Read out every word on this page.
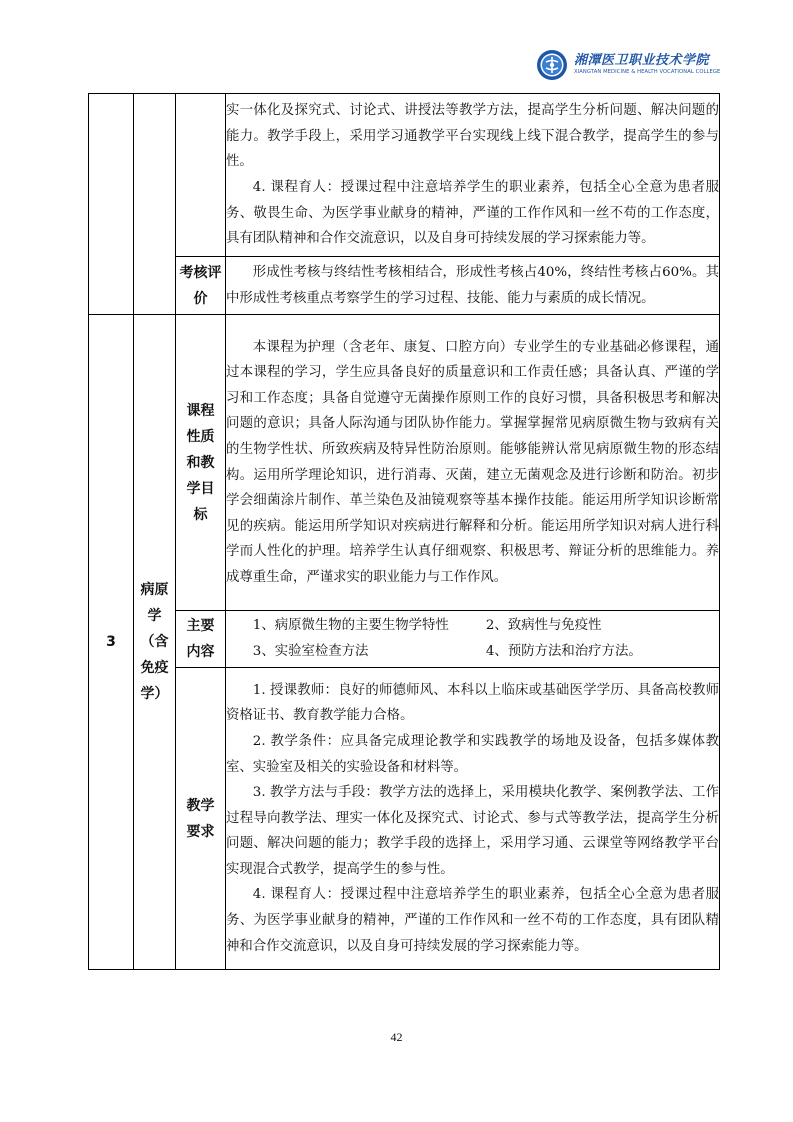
湘潭医卫职业技术学院
XIANGTAN MEDICINE & HEALTH VOCATIONAL COLLEGE

			实一体化及探究式、讨论式、讲授法等教学方法，提高学生分析问题、解决问题的能力。教学手段上，采用学习通教学平台实现线上线下混合教学，提高学生的参与性。

4. 课程育人：授课过程中注意培养学生的职业素养，包括全心全意为患者服务、敬畏生命、为医学事业献身的精神，严谨的工作作风和一丝不苟的工作态度，具有团队精神和合作交流意识，以及自身可持续发展的学习探索能力等。

		考核评价	形成性考核与终结性考核相结合，形成性考核占40%，终结性考核占60%。其中形成性考核重点考察学生的学习过程、技能、能力与素质的成长情况。

3	病原学（含免疫学）	课程性质和教学目标	本课程为护理（含老年、康复、口腔方向）专业学生的专业基础必修课程，通过本课程的学习，学生应具备良好的质量意识和工作责任感；具备认真、严谨的学习和工作态度；具备自觉遵守无菌操作原则工作的良好习惯，具备积极思考和解决问题的意识；具备人际沟通与团队协作能力。掌握掌握常见病原微生物与致病有关的生物学性状、所致疾病及特异性防治原则。能够能辨认常见病原微生物的形态结构。运用所学理论知识，进行消毒、灭菌，建立无菌观念及进行诊断和防治。初步学会细菌涂片制作、革兰染色及油镜观察等基本操作技能。能运用所学知识诊断常见的疾病。能运用所学知识对疾病进行解释和分析。能运用所学知识对病人进行科学而人性化的护理。培养学生认真仔细观察、积极思考、辩证分析的思维能力。养成尊重生命，严谨求实的职业能力与工作作风。

		主要内容	1、病原微生物的主要生物学特性 2、致病性与免疫性
3、实验室检查方法 4、预防方法和治疗方法。

		教学要求	1. 授课教师：良好的师德师风、本科以上临床或基础医学学历、具备高校教师资格证书、教育教学能力合格。

2. 教学条件：应具备完成理论教学和实践教学的场地及设备，包括多媒体教室、实验室及相关的实验设备和材料等。

3. 教学方法与手段：教学方法的选择上，采用模块化教学、案例教学法、工作过程导向教学法、理实一体化及探究式、讨论式、参与式等教学法，提高学生分析问题、解决问题的能力；教学手段的选择上，采用学习通、云课堂等网络教学平台实现混合式教学，提高学生的参与性。

4. 课程育人：授课过程中注意培养学生的职业素养，包括全心全意为患者服务、为医学事业献身的精神，严谨的工作作风和一丝不苟的工作态度，具有团队精神和合作交流意识，以及自身可持续发展的学习探索能力等。

42
